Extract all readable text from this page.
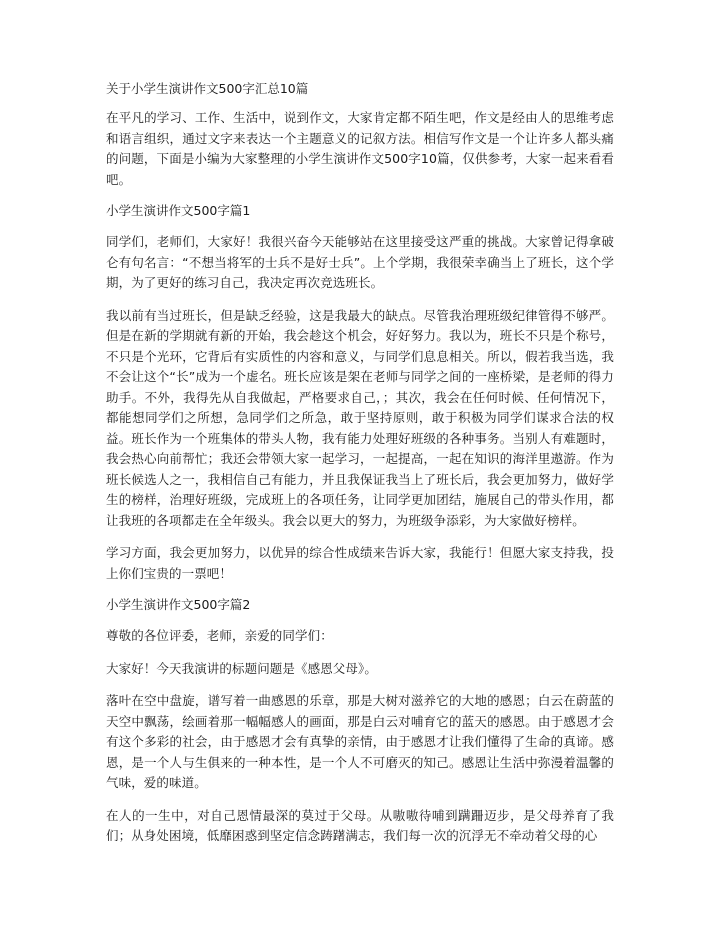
关于小学生演讲作文500字汇总10篇

在平凡的学习、工作、生活中，说到作文，大家肯定都不陌生吧，作文是经由人的思维考虑和语言组织，通过文字来表达一个主题意义的记叙方法。相信写作文是一个让许多人都头痛的问题，下面是小编为大家整理的小学生演讲作文500字10篇，仅供参考，大家一起来看看吧。

小学生演讲作文500字篇1

同学们，老师们，大家好！我很兴奋今天能够站在这里接受这严重的挑战。大家曾记得拿破仑有句名言：“不想当将军的士兵不是好士兵”。上个学期，我很荣幸确当上了班长，这个学期，为了更好的练习自己，我决定再次竞选班长。

我以前有当过班长，但是缺乏经验，这是我最大的缺点。尽管我治理班级纪律管得不够严。但是在新的学期就有新的开始，我会趁这个机会，好好努力。我以为，班长不只是个称号，不只是个光环，它背后有实质性的内容和意义，与同学们息息相关。所以，假若我当选，我不会让这个“长”成为一个虚名。班长应该是架在老师与同学之间的一座桥梁，是老师的得力助手。不外，我得先从自我做起，严格要求自己，；其次，我会在任何时候、任何情况下，都能想同学们之所想，急同学们之所急，敢于坚持原则，敢于积极为同学们谋求合法的权益。班长作为一个班集体的带头人物，我有能力处理好班级的各种事务。当别人有难题时，我会热心向前帮忙；我还会带领大家一起学习，一起提高，一起在知识的海洋里遨游。作为班长候选人之一，我相信自己有能力，并且我保证我当上了班长后，我会更加努力，做好学生的榜样，治理好班级，完成班上的各项任务，让同学更加团结，施展自己的带头作用，都让我班的各项都走在全年级头。我会以更大的努力，为班级争添彩，为大家做好榜样。

学习方面，我会更加努力，以优异的综合性成绩来告诉大家，我能行！但愿大家支持我，投上你们宝贵的一票吧！

小学生演讲作文500字篇2

尊敬的各位评委，老师，亲爱的同学们：

大家好！今天我演讲的标题问题是《感恩父母》。

落叶在空中盘旋，谱写着一曲感恩的乐章，那是大树对滋养它的大地的感恩；白云在蔚蓝的天空中飘荡，绘画着那一幅幅感人的画面，那是白云对哺育它的蓝天的感恩。由于感恩才会有这个多彩的社会，由于感恩才会有真挚的亲情，由于感恩才让我们懂得了生命的真谛。感恩，是一个人与生俱来的一种本性，是一个人不可磨灭的知己。感恩让生活中弥漫着温馨的气味，爱的味道。

在人的一生中，对自己恩情最深的莫过于父母。从嗷嗷待哺到蹒跚迈步，是父母养育了我们；从身处困境，低靡困惑到坚定信念踌躇满志，我们每一次的沉浮无不牵动着父母的心
